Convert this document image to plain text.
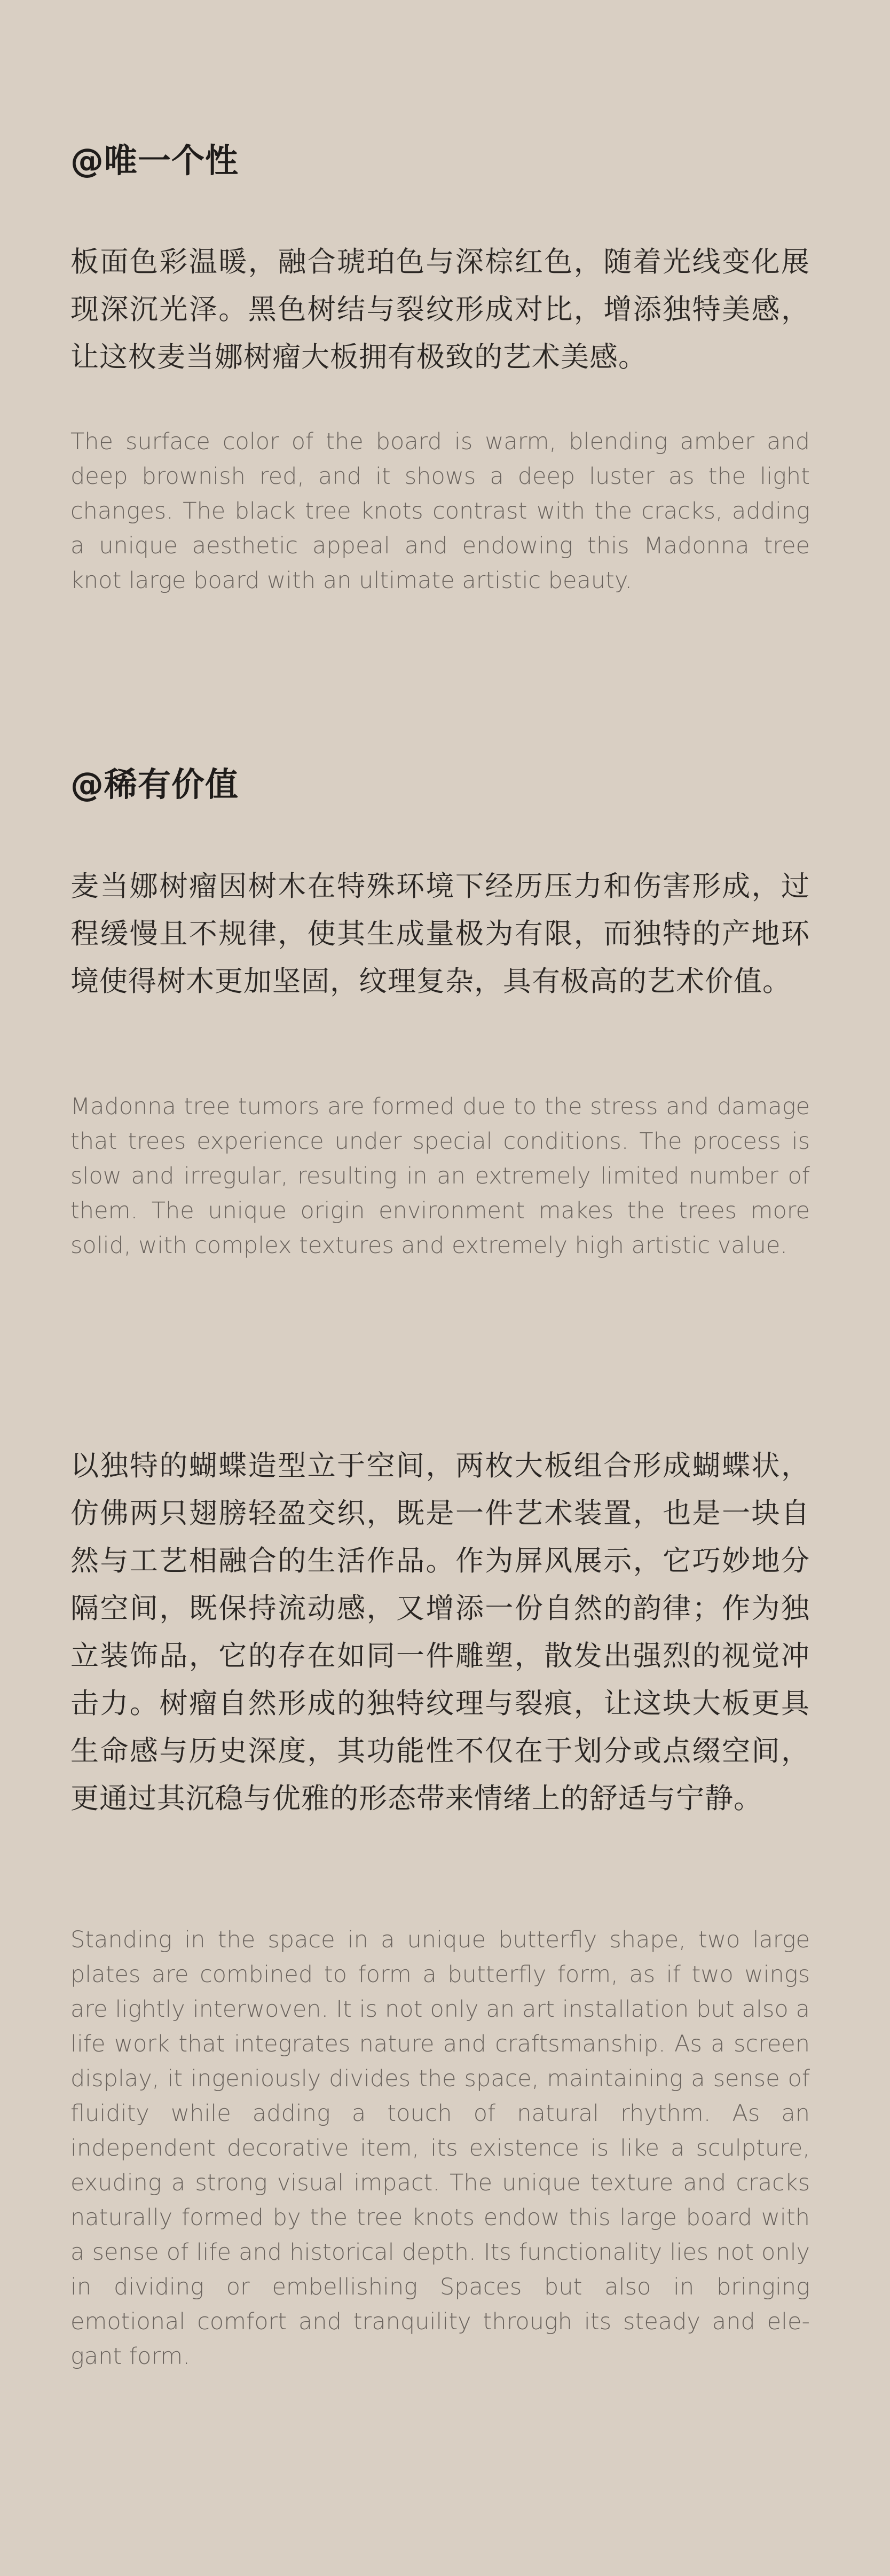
@唯一个性

板面色彩温暖，融合琥珀色与深棕红色，随着光线变化展现深沉光泽。黑色树结与裂纹形成对比，增添独特美感，让这枚麦当娜树瘤大板拥有极致的艺术美感。

The surface color of the board is warm, blending amber and deep brownish red, and it shows a deep luster as the light changes. The black tree knots contrast with the cracks, adding a unique aesthetic appeal and endowing this Madonna tree knot large board with an ultimate artistic beauty.

@稀有价值

麦当娜树瘤因树木在特殊环境下经历压力和伤害形成，过程缓慢且不规律，使其生成量极为有限，而独特的产地环境使得树木更加坚固，纹理复杂，具有极高的艺术价值。

Madonna tree tumors are formed due to the stress and damage that trees experience under special conditions. The process is slow and irregular, resulting in an extremely limited number of them. The unique origin environment makes the trees more solid, with complex textures and extremely high artistic value.

以独特的蝴蝶造型立于空间，两枚大板组合形成蝴蝶状，仿佛两只翅膀轻盈交织，既是一件艺术装置，也是一块自然与工艺相融合的生活作品。作为屏风展示，它巧妙地分隔空间，既保持流动感，又增添一份自然的韵律；作为独立装饰品，它的存在如同一件雕塑，散发出强烈的视觉冲击力。树瘤自然形成的独特纹理与裂痕，让这块大板更具生命感与历史深度，其功能性不仅在于划分或点缀空间，更通过其沉稳与优雅的形态带来情绪上的舒适与宁静。

Standing in the space in a unique butterfly shape, two large plates are combined to form a butterfly form, as if two wings are lightly interwoven. It is not only an art installation but also a life work that integrates nature and craftsmanship. As a screen display, it ingeniously divides the space, maintaining a sense of fluidity while adding a touch of natural rhythm. As an independent decorative item, its existence is like a sculpture, exuding a strong visual impact. The unique texture and cracks naturally formed by the tree knots endow this large board with a sense of life and historical depth. Its functionality lies not only in dividing or embellishing Spaces but also in bringing emotional comfort and tranquility through its steady and elegant form.
